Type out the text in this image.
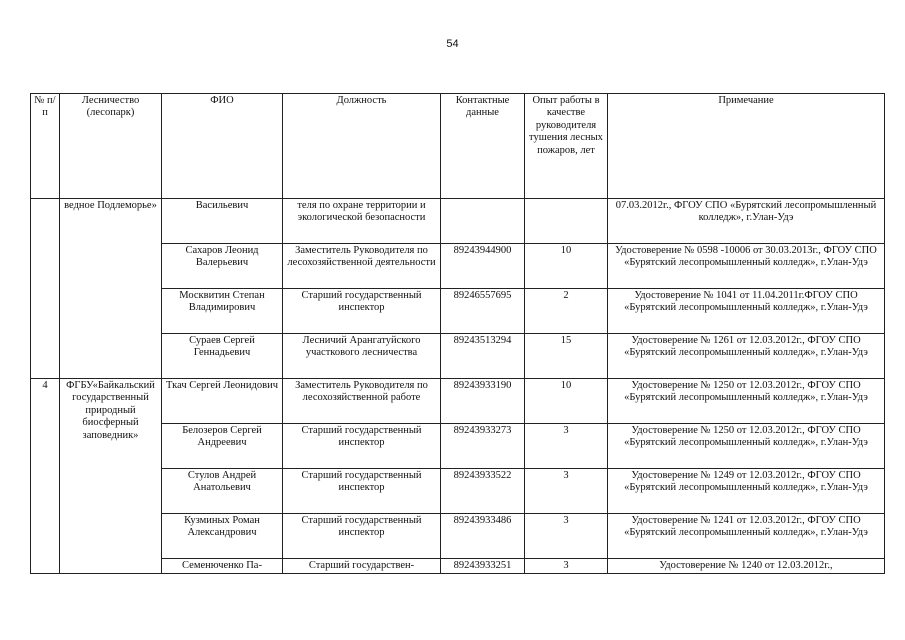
54
№ п/п	Лесничество (лесопарк)	ФИО	Должность	Контактные данные	Опыт работы в качестве руководителя тушения лесных пожаров, лет	Примечание
	ведное Подлеморье»	Васильевич	теля по охране территории и экологической безопасности			07.03.2012г., ФГОУ СПО «Бурятский лесопромышленный колледж», г.Улан-Удэ
		Сахаров Леонид Валерьевич	Заместитель Руководителя по лесохозяйственной деятельности	89243944900	10	Удостоверение № 0598 -10006 от 30.03.2013г., ФГОУ СПО «Бурятский лесопромышленный колледж», г.Улан-Удэ
		Москвитин Степан Владимирович	Старший государственный инспектор	89246557695	2	Удостоверение № 1041 от 11.04.2011г.ФГОУ СПО «Бурятский лесопромышленный колледж», г.Улан-Удэ
		Сураев Сергей Геннадьевич	Лесничий Арангатуйского участкового лесничества	89243513294	15	Удостоверение № 1261 от 12.03.2012г., ФГОУ СПО «Бурятский лесопромышленный колледж», г.Улан-Удэ
4	ФГБУ«Байкальский государственный природный биосферный заповедник»	Ткач Сергей Леонидович	Заместитель Руководителя по лесохозяйственной работе	89243933190	10	Удостоверение № 1250 от 12.03.2012г., ФГОУ СПО «Бурятский лесопромышленный колледж», г.Улан-Удэ
		Белозеров Сергей Андреевич	Старший государственный инспектор	89243933273	3	Удостоверение № 1250 от 12.03.2012г., ФГОУ СПО «Бурятский лесопромышленный колледж», г.Улан-Удэ
		Стулов Андрей Анатольевич	Старший государственный инспектор	89243933522	3	Удостоверение № 1249 от 12.03.2012г., ФГОУ СПО «Бурятский лесопромышленный колледж», г.Улан-Удэ
		Кузминых Роман Александрович	Старший государственный инспектор	89243933486	3	Удостоверение № 1241 от 12.03.2012г., ФГОУ СПО «Бурятский лесопромышленный колледж», г.Улан-Удэ
		Семенюченко Па-	Старший государствен-	89243933251	3	Удостоверение № 1240 от 12.03.2012г.,
